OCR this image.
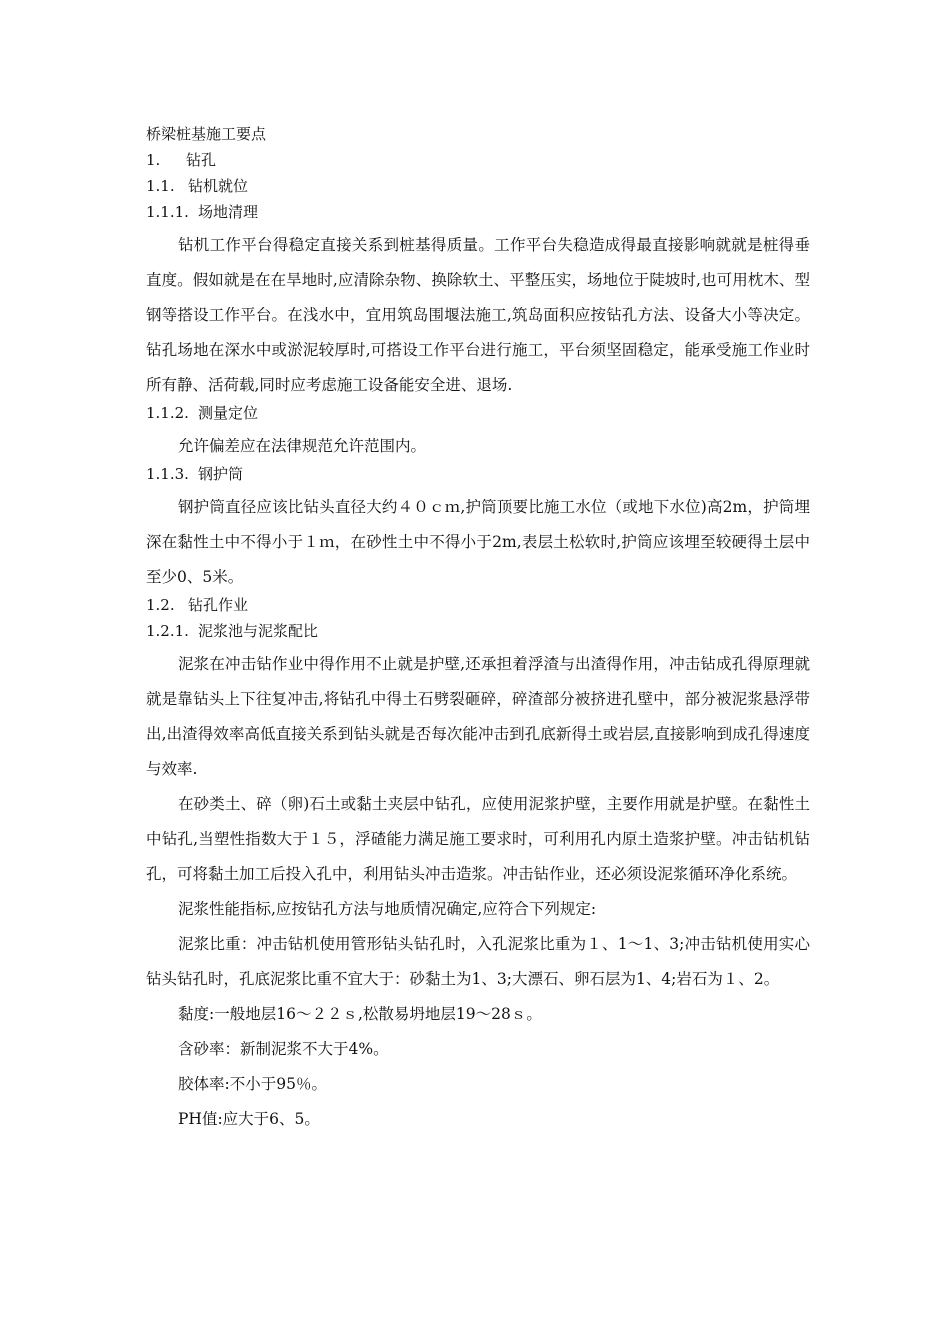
桥梁桩基施工要点
1. 钻孔
1.1. 钻机就位
1.1.1. 场地清理

钻机工作平台得稳定直接关系到桩基得质量。工作平台失稳造成得最直接影响就就是桩得垂直度。假如就是在在旱地时,应清除杂物、换除软土、平整压实，场地位于陡坡时,也可用枕木、型钢等搭设工作平台。在浅水中，宜用筑岛围堰法施工,筑岛面积应按钻孔方法、设备大小等决定。钻孔场地在深水中或淤泥较厚时,可搭设工作平台进行施工，平台须坚固稳定，能承受施工作业时所有静、活荷载,同时应考虑施工设备能安全进、退场.

1.1.2. 测量定位

允许偏差应在法律规范允许范围内。

1.1.3. 钢护筒

钢护筒直径应该比钻头直径大约４０ｃｍ,护筒顶要比施工水位（或地下水位)高2m，护筒埋深在黏性土中不得小于１ｍ，在砂性土中不得小于2m,表层土松软时,护筒应该埋至较硬得土层中至少0、5米。

1.2. 钻孔作业
1.2.1. 泥浆池与泥浆配比

泥浆在冲击钻作业中得作用不止就是护壁,还承担着浮渣与出渣得作用，冲击钻成孔得原理就就是靠钻头上下往复冲击,将钻孔中得土石劈裂砸碎，碎渣部分被挤进孔壁中，部分被泥浆悬浮带出,出渣得效率高低直接关系到钻头就是否每次能冲击到孔底新得土或岩层,直接影响到成孔得速度与效率.

在砂类土、碎（卵)石土或黏土夹层中钻孔，应使用泥浆护壁，主要作用就是护壁。在黏性土中钻孔,当塑性指数大于１５，浮碴能力满足施工要求时，可利用孔内原土造浆护壁。冲击钻机钻孔，可将黏土加工后投入孔中，利用钻头冲击造浆。冲击钻作业，还必须设泥浆循环净化系统。

泥浆性能指标,应按钻孔方法与地质情况确定,应符合下列规定:

泥浆比重：冲击钻机使用管形钻头钻孔时，入孔泥浆比重为１、1～1、3;冲击钻机使用实心钻头钻孔时，孔底泥浆比重不宜大于：砂黏土为1、3;大漂石、卵石层为1、4;岩石为１、2。

黏度:一般地层16～２２ｓ,松散易坍地层19～28ｓ。

含砂率：新制泥浆不大于4%。

胶体率:不小于95％。

PH值:应大于6、5。
